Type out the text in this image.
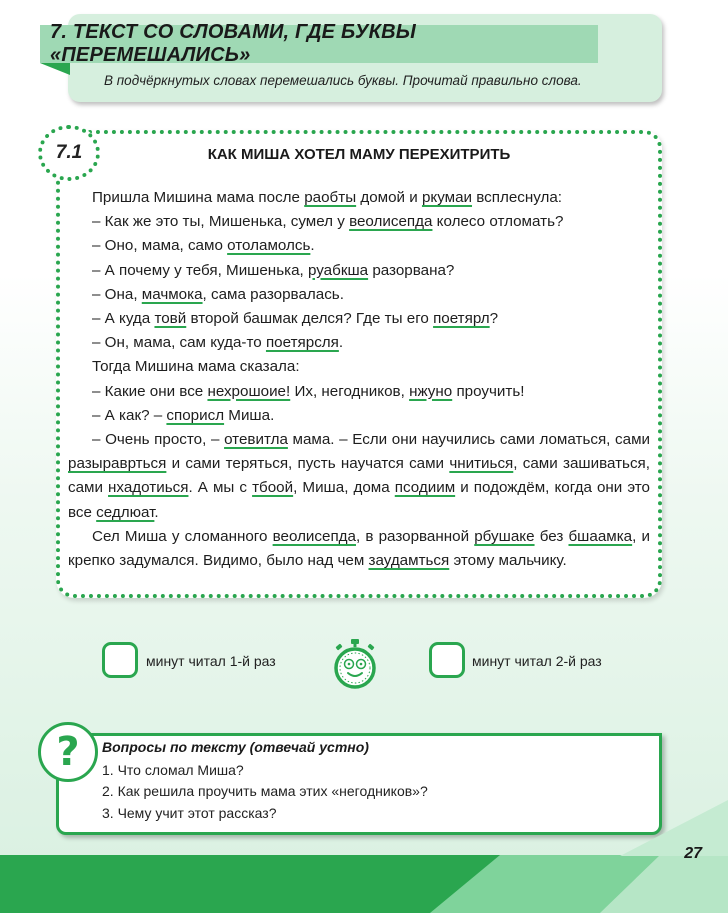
7. ТЕКСТ СО СЛОВАМИ, ГДЕ БУКВЫ «ПЕРЕМЕШАЛИСЬ»
В подчёркнутых словах перемешались буквы. Прочитай правильно слова.
7.1	КАК МИША ХОТЕЛ МАМУ ПЕРЕХИТРИТЬ

Пришла Мишина мама после раобты домой и ркумаи всплеснула:

– Как же это ты, Мишенька, сумел у веолисепда колесо отломать?

– Оно, мама, само отоламолсь.

– А почему у тебя, Мишенька, руабкша разорвана?

– Она, мачмока, сама разорвалась.

– А куда товй второй башмак делся? Где ты его поетярл?

– Он, мама, сам куда-то поетярсля.

Тогда Мишина мама сказала:

– Какие они все нехрошоие! Их, негодников, нжуно проучить!

– А как? – спорисл Миша.

– Очень просто, – отевитла мама. – Если они научились сами ломаться, сами разыраврться и сами теряться, пусть научатся сами чнитиься, сами зашиваться, сами нхадотиься. А мы с тбоой, Миша, дома псодиим и подождём, когда они это все седлюат.

Сел Миша у сломанного веолисепда, в разорванной рбушаке без бшаамка, и крепко задумался. Видимо, было над чем заудамться этому мальчику.

минут читал 1-й раз	минут читал 2-й раз
? Вопросы по тексту (отвечай устно)
1. Что сломал Миша?
2. Как решила проучить мама этих «негодников»?
3. Чему учит этот рассказ?
27
